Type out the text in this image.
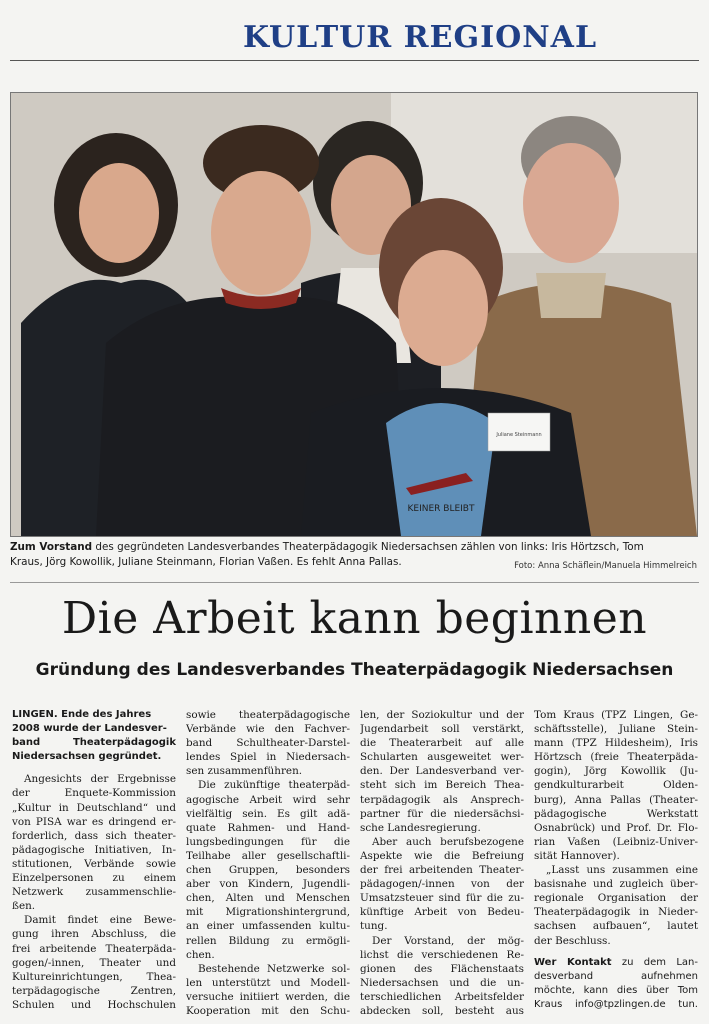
KULTUR REGIONAL
KEINER BLEIBT
Juliane Steinmann
Zum Vorstand des gegründeten Landesverbandes Theaterpädagogik Niedersachsen zählen von links: Iris Hörtzsch, Tom
Kraus, Jörg Kowollik, Juliane Steinmann, Florian Vaßen. Es fehlt Anna Pallas.	Foto: Anna Schäflein/Manuela Himmelreich
Die Arbeit kann beginnen
Gründung des Landesverbandes Theaterpädagogik Niedersachsen
LINGEN. Ende des Jahres
2008 wurde der Landesver-
band Theaterpädagogik
Niedersachsen gegründet.
Angesichts der Ergebnisse
der Enquete-Kommission
„Kultur in Deutschland“ und
von PISA war es dringend er-
forderlich, dass sich theater-
pädagogische Initiativen, In-
stitutionen, Verbände sowie
Einzelpersonen zu einem
Netzwerk zusammenschlie-
ßen.
Damit findet eine Bewe-
gung ihren Abschluss, die
frei arbeitende Theaterpäda-
gogen/-innen, Theater und
Kultureinrichtungen, Thea-
terpädagogische Zentren,
Schulen und Hochschulen
sowie theaterpädagogische
Verbände wie den Fachver-
band Schultheater-Darstel-
lendes Spiel in Niedersach-
sen zusammenführen.
Die zukünftige theaterpäd-
agogische Arbeit wird sehr
vielfältig sein. Es gilt adä-
quate Rahmen- und Hand-
lungsbedingungen für die
Teilhabe aller gesellschaftli-
chen Gruppen, besonders
aber von Kindern, Jugendli-
chen, Alten und Menschen
mit Migrationshintergrund,
an einer umfassenden kultu-
rellen Bildung zu ermögli-
chen.
Bestehende Netzwerke sol-
len unterstützt und Modell-
versuche initiiert werden, die
Kooperation mit den Schu-
len, der Soziokultur und der
Jugendarbeit soll verstärkt,
die Theaterarbeit auf alle
Schularten ausgeweitet wer-
den. Der Landesverband ver-
steht sich im Bereich Thea-
terpädagogik als Ansprech-
partner für die niedersächsi-
sche Landesregierung.
Aber auch berufsbezogene
Aspekte wie die Befreiung
der frei arbeitenden Theater-
pädagogen/-innen von der
Umsatzsteuer sind für die zu-
künftige Arbeit von Bedeu-
tung.
Der Vorstand, der mög-
lichst die verschiedenen Re-
gionen des Flächenstaats
Niedersachsen und die un-
terschiedlichen Arbeitsfelder
abdecken soll, besteht aus
Tom Kraus (TPZ Lingen, Ge-
schäftsstelle), Juliane Stein-
mann (TPZ Hildesheim), Iris
Hörtzsch (freie Theaterpäda-
gogin), Jörg Kowollik (Ju-
gendkulturarbeit Olden-
burg), Anna Pallas (Theater-
pädagogische Werkstatt
Osnabrück) und Prof. Dr. Flo-
rian Vaßen (Leibniz-Univer-
sität Hannover).
„Lasst uns zusammen eine
basisnahe und zugleich über-
regionale Organisation der
Theaterpädagogik in Nieder-
sachsen aufbauen“, lautet
der Beschluss.
Wer Kontakt zu dem Lan-
desverband aufnehmen
möchte, kann dies über Tom
Kraus info@tpzlingen.de tun.
